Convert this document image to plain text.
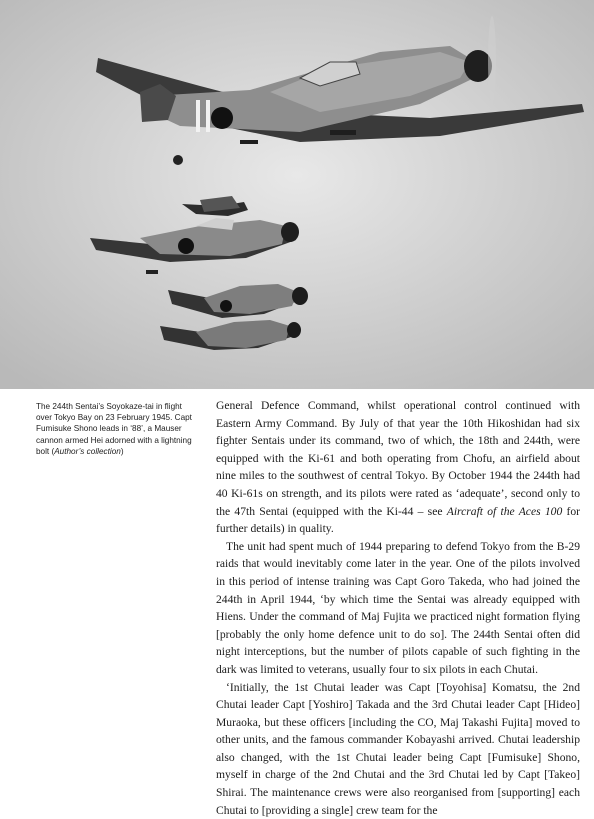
The 244th Sentai’s Soyokaze-tai in flight over Tokyo Bay on 23 February 1945. Capt Fumisuke Shono leads in ‘88’, a Mauser cannon armed Hei adorned with a lightning bolt (Author’s collection)

General Defence Command, whilst operational control continued with Eastern Army Command. By July of that year the 10th Hikoshidan had six fighter Sentais under its command, two of which, the 18th and 244th, were equipped with the Ki-61 and both operating from Chofu, an airfield about nine miles to the southwest of central Tokyo. By October 1944 the 244th had 40 Ki-61s on strength, and its pilots were rated as ‘adequate’, second only to the 47th Sentai (equipped with the Ki-44 – see Aircraft of the Aces 100 for further details) in quality.

The unit had spent much of 1944 preparing to defend Tokyo from the B-29 raids that would inevitably come later in the year. One of the pilots involved in this period of intense training was Capt Goro Takeda, who had joined the 244th in April 1944, ‘by which time the Sentai was already equipped with Hiens. Under the command of Maj Fujita we practiced night formation flying [probably the only home defence unit to do so]. The 244th Sentai often did night interceptions, but the number of pilots capable of such fighting in the dark was limited to veterans, usually four to six pilots in each Chutai.

‘Initially, the 1st Chutai leader was Capt [Toyohisa] Komatsu, the 2nd Chutai leader Capt [Yoshiro] Takada and the 3rd Chutai leader Capt [Hideo] Muraoka, but these officers [including the CO, Maj Takashi Fujita] moved to other units, and the famous commander Kobayashi arrived. Chutai leadership also changed, with the 1st Chutai leader being Capt [Fumisuke] Shono, myself in charge of the 2nd Chutai and the 3rd Chutai led by Capt [Takeo] Shirai. The maintenance crews were also reorganised from [supporting] each Chutai to [providing a single] crew team for the
